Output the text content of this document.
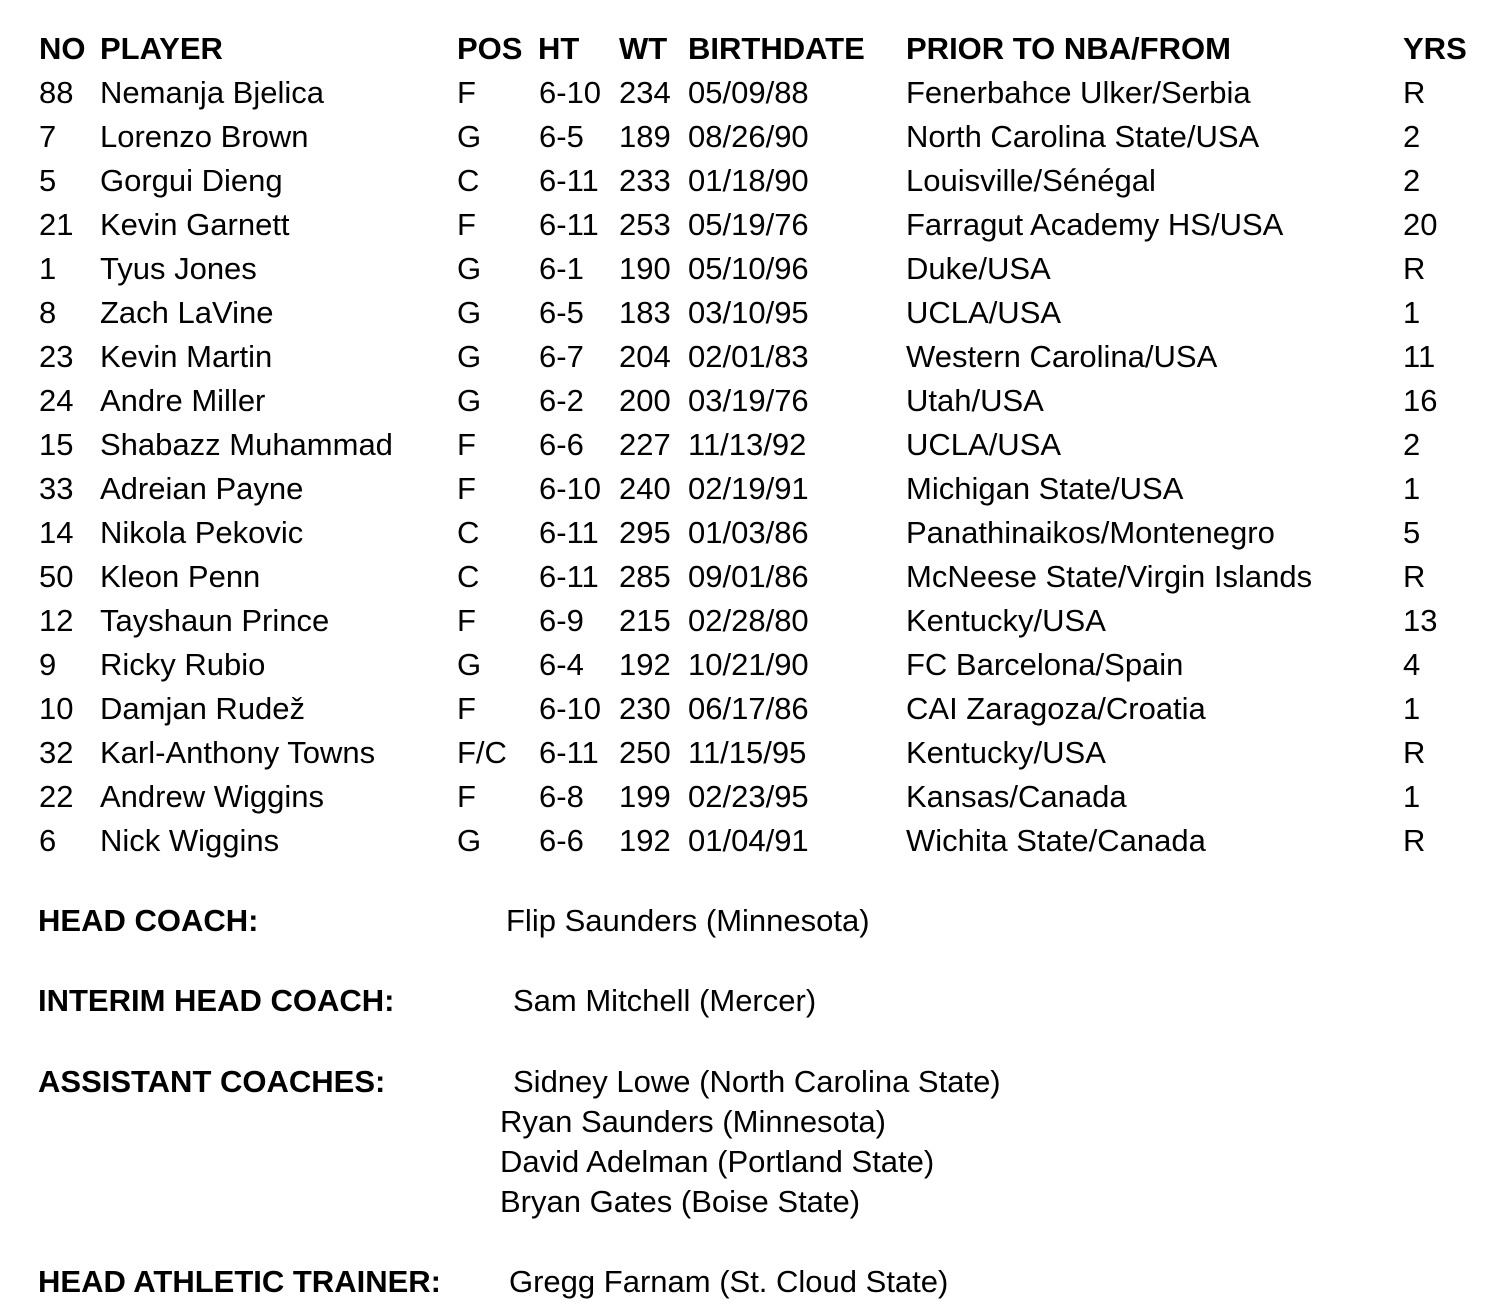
NO PLAYER	POS HT WT BIRTHDATE PRIOR TO NBA/FROM	YRS
88 Nemanja Bjelica	F 6-10 234 05/09/88	Fenerbahce Ulker/Serbia	R
7 Lorenzo Brown	G 6-5 189 08/26/90	North Carolina State/USA	2
5 Gorgui Dieng	C 6-11 233 01/18/90	Louisville/Sénégal	2
21 Kevin Garnett	F 6-11 253 05/19/76	Farragut Academy HS/USA	20
1 Tyus Jones	G 6-1 190 05/10/96	Duke/USA	R
8 Zach LaVine	G 6-5 183 03/10/95	UCLA/USA	1
23 Kevin Martin	G 6-7 204 02/01/83	Western Carolina/USA	11
24 Andre Miller	G 6-2 200 03/19/76	Utah/USA	16
15 Shabazz Muhammad F 6-6 227 11/13/92	UCLA/USA	2
33 Adreian Payne	F 6-10 240 02/19/91	Michigan State/USA	1
14 Nikola Pekovic	C 6-11 295 01/03/86	Panathinaikos/Montenegro	5
50 Kleon Penn	C 6-11 285 09/01/86	McNeese State/Virgin Islands	R
12 Tayshaun Prince	F 6-9 215 02/28/80	Kentucky/USA	13
9 Ricky Rubio	G 6-4 192 10/21/90	FC Barcelona/Spain	4
10 Damjan Rudež	F 6-10 230 06/17/86	CAI Zaragoza/Croatia	1
32 Karl-Anthony Towns	F/C 6-11 250 11/15/95	Kentucky/USA	R
22 Andrew Wiggins	F 6-8 199 02/23/95	Kansas/Canada	1
6 Nick Wiggins	G 6-6 192 01/04/91	Wichita State/Canada	R
HEAD COACH:	Flip Saunders (Minnesota)
INTERIM HEAD COACH:	Sam Mitchell (Mercer)
ASSISTANT COACHES:	Sidney Lowe (North Carolina State)
Ryan Saunders (Minnesota)
David Adelman (Portland State)
Bryan Gates (Boise State)
HEAD ATHLETIC TRAINER: Gregg Farnam (St. Cloud State)
